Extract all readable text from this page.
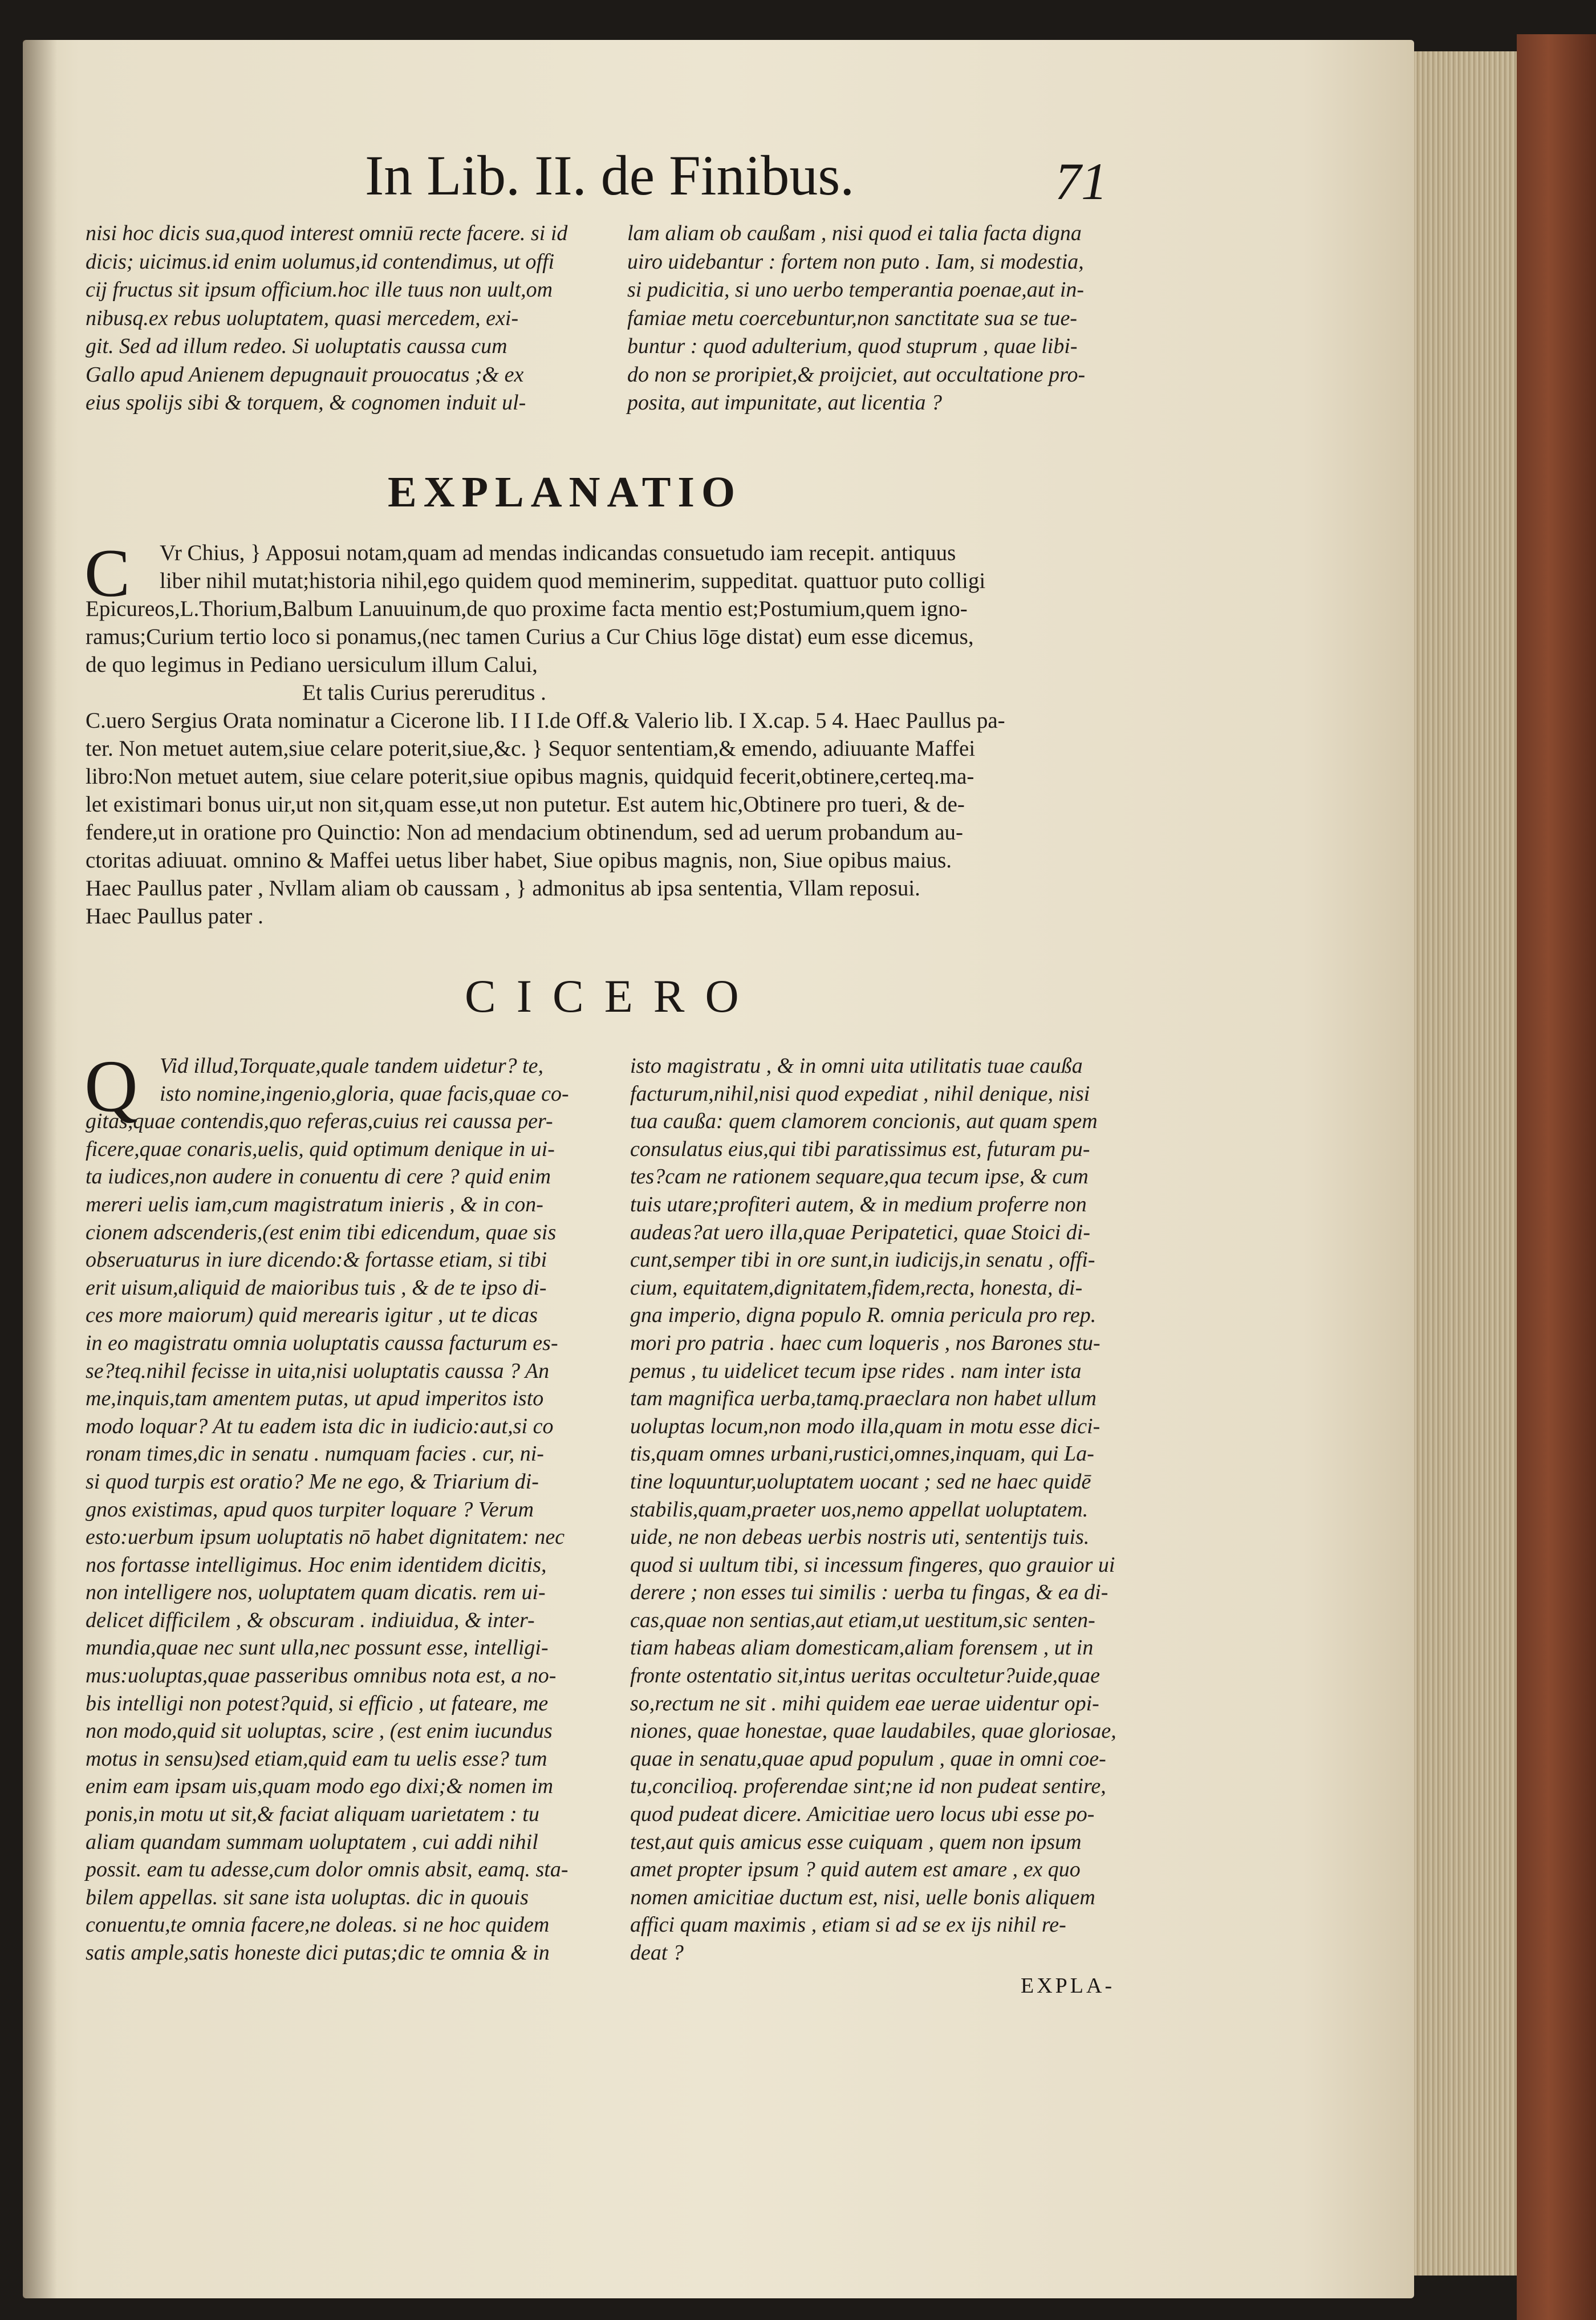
In Lib. II. de Finibus.	71
nisi hoc dicis sua,quod interest omniū recte facere. si id
dicis; uicimus.id enim uolumus,id contendimus, ut offi
cij fructus sit ipsum officium.hoc ille tuus non uult,om
nibusq.ex rebus uoluptatem, quasi mercedem, exi-
git. Sed ad illum redeo. Si uoluptatis caussa cum
Gallo apud Anienem depugnauit prouocatus ;& ex
eius spolijs sibi & torquem, & cognomen induit ul-
lam aliam ob caußam , nisi quod ei talia facta digna
uiro uidebantur : fortem non puto . Iam, si modestia,
si pudicitia, si uno uerbo temperantia poenae,aut in-
famiae metu coercebuntur,non sanctitate sua se tue-
buntur : quod adulterium, quod stuprum , quae libi-
do non se proripiet,& proijciet, aut occultatione pro-
posita, aut impunitate, aut licentia ?
EXPLANATIO
C	Vr Chius, } Apposui notam,quam ad mendas indicandas consuetudo iam recepit. antiquus
liber nihil mutat;historia nihil,ego quidem quod meminerim, suppeditat. quattuor puto colligi
Epicureos,L.Thorium,Balbum Lanuuinum,de quo proxime facta mentio est;Postumium,quem igno-
ramus;Curium tertio loco si ponamus,(nec tamen Curius a Cur Chius lōge distat) eum esse dicemus,
de quo legimus in Pediano uersiculum illum Calui,
Et talis Curius pereruditus .
C.uero Sergius Orata nominatur a Cicerone lib. I I I.de Off.& Valerio lib. I X.cap. 5 4. Haec Paullus pa-
ter. Non metuet autem,siue celare poterit,siue,&c. } Sequor sententiam,& emendo, adiuuante Maffei
libro:Non metuet autem, siue celare poterit,siue opibus magnis, quidquid fecerit,obtinere,certeq.ma-
let existimari bonus uir,ut non sit,quam esse,ut non putetur. Est autem hic,Obtinere pro tueri, & de-
fendere,ut in oratione pro Quinctio: Non ad mendacium obtinendum, sed ad uerum probandum au-
ctoritas adiuuat. omnino & Maffei uetus liber habet, Siue opibus magnis, non, Siue opibus maius.
Haec Paullus pater , Nvllam aliam ob caussam , } admonitus ab ipsa sententia, Vllam reposui.
Haec Paullus pater .
CICERO
Q	Vid illud,Torquate,quale tandem uidetur? te,
isto nomine,ingenio,gloria, quae facis,quae co-
gitas,quae contendis,quo referas,cuius rei caussa per-
ficere,quae conaris,uelis, quid optimum denique in ui-
ta iudices,non audere in conuentu di cere ? quid enim
mereri uelis iam,cum magistratum inieris , & in con-
cionem adscenderis,(est enim tibi edicendum, quae sis
obseruaturus in iure dicendo:& fortasse etiam, si tibi
erit uisum,aliquid de maioribus tuis , & de te ipso di-
ces more maiorum) quid merearis igitur , ut te dicas
in eo magistratu omnia uoluptatis caussa facturum es-
se?teq.nihil fecisse in uita,nisi uoluptatis caussa ? An
me,inquis,tam amentem putas, ut apud imperitos isto
modo loquar? At tu eadem ista dic in iudicio:aut,si co
ronam times,dic in senatu . numquam facies . cur, ni-
si quod turpis est oratio? Me ne ego, & Triarium di-
gnos existimas, apud quos turpiter loquare ? Verum
esto:uerbum ipsum uoluptatis nō habet dignitatem: nec
nos fortasse intelligimus. Hoc enim identidem dicitis,
non intelligere nos, uoluptatem quam dicatis. rem ui-
delicet difficilem , & obscuram . indiuidua, & inter-
mundia,quae nec sunt ulla,nec possunt esse, intelligi-
mus:uoluptas,quae passeribus omnibus nota est, a no-
bis intelligi non potest?quid, si efficio , ut fateare, me
non modo,quid sit uoluptas, scire , (est enim iucundus
motus in sensu)sed etiam,quid eam tu uelis esse? tum
enim eam ipsam uis,quam modo ego dixi;& nomen im
ponis,in motu ut sit,& faciat aliquam uarietatem : tu
aliam quandam summam uoluptatem , cui addi nihil
possit. eam tu adesse,cum dolor omnis absit, eamq. sta-
bilem appellas. sit sane ista uoluptas. dic in quouis
conuentu,te omnia facere,ne doleas. si ne hoc quidem
satis ample,satis honeste dici putas;dic te omnia & in
isto magistratu , & in omni uita utilitatis tuae caußa
facturum,nihil,nisi quod expediat , nihil denique, nisi
tua caußa: quem clamorem concionis, aut quam spem
consulatus eius,qui tibi paratissimus est, futuram pu-
tes?cam ne rationem sequare,qua tecum ipse, & cum
tuis utare;profiteri autem, & in medium proferre non
audeas?at uero illa,quae Peripatetici, quae Stoici di-
cunt,semper tibi in ore sunt,in iudicijs,in senatu , offi-
cium, equitatem,dignitatem,fidem,recta, honesta, di-
gna imperio, digna populo R. omnia pericula pro rep.
mori pro patria . haec cum loqueris , nos Barones stu-
pemus , tu uidelicet tecum ipse rides . nam inter ista
tam magnifica uerba,tamq.praeclara non habet ullum
uoluptas locum,non modo illa,quam in motu esse dici-
tis,quam omnes urbani,rustici,omnes,inquam, qui La-
tine loquuntur,uoluptatem uocant ; sed ne haec quidē
stabilis,quam,praeter uos,nemo appellat uoluptatem.
uide, ne non debeas uerbis nostris uti, sententijs tuis.
quod si uultum tibi, si incessum fingeres, quo grauior ui
derere ; non esses tui similis : uerba tu fingas, & ea di-
cas,quae non sentias,aut etiam,ut uestitum,sic senten-
tiam habeas aliam domesticam,aliam forensem , ut in
fronte ostentatio sit,intus ueritas occultetur?uide,quae
so,rectum ne sit . mihi quidem eae uerae uidentur opi-
niones, quae honestae, quae laudabiles, quae gloriosae,
quae in senatu,quae apud populum , quae in omni coe-
tu,concilioq. proferendae sint;ne id non pudeat sentire,
quod pudeat dicere. Amicitiae uero locus ubi esse po-
test,aut quis amicus esse cuiquam , quem non ipsum
amet propter ipsum ? quid autem est amare , ex quo
nomen amicitiae ductum est, nisi, uelle bonis aliquem
affici quam maximis , etiam si ad se ex ijs nihil re-
deat ?
EXPLA-
